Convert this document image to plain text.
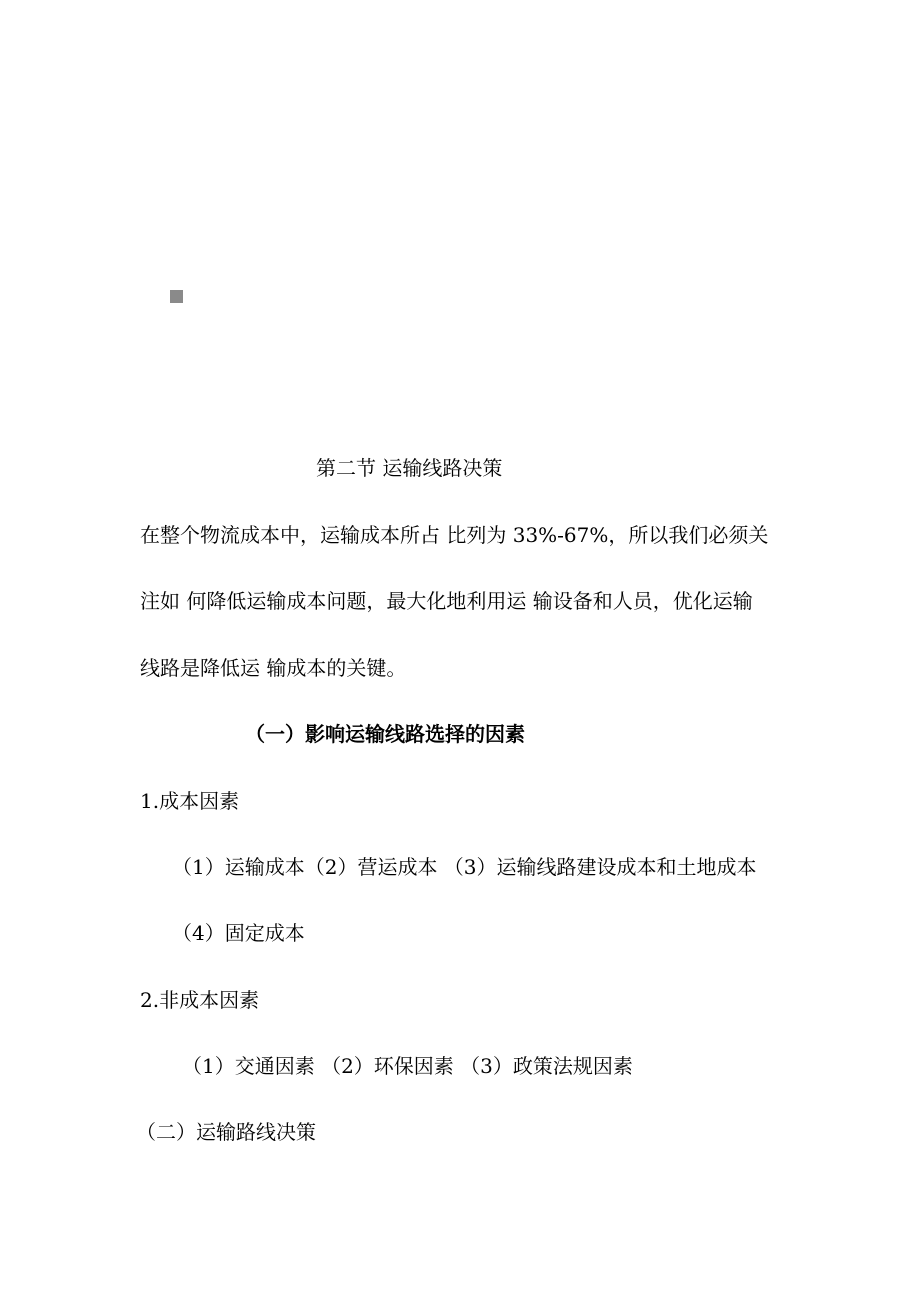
第二节 运输线路决策
在整个物流成本中，运输成本所占 比列为 33%-67%，所以我们必须关
注如 何降低运输成本问题，最大化地利用运 输设备和人员，优化运输
线路是降低运 输成本的关键。
（一）影响运输线路选择的因素
1.成本因素
（1）运输成本（2）营运成本 （3）运输线路建设成本和土地成本
（4）固定成本
2.非成本因素
（1）交通因素 （2）环保因素 （3）政策法规因素
（二）运输路线决策
